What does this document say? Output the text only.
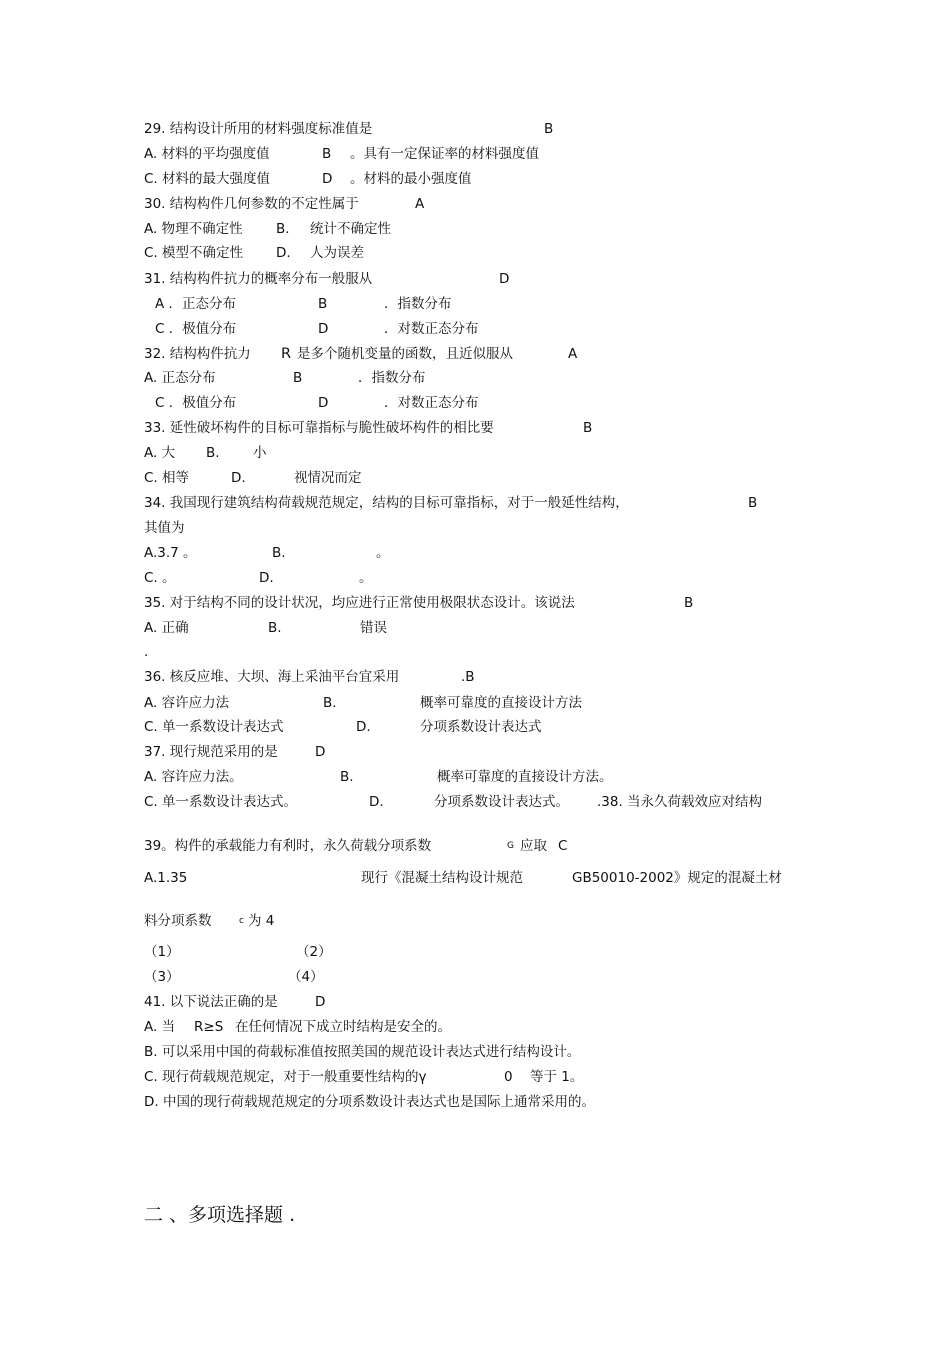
29. 结构设计所用的材料强度标准值是	B
A. 材料的平均强度值	B 。具有一定保证率的材料强度值
C. 材料的最大强度值	D 。材料的最小强度值
30. 结构构件几何参数的不定性属于	A
A. 物理不确定性 B. 统计不确定性
C. 模型不确定性 D. 人为误差
31. 结构构件抗力的概率分布一般服从	D
A ．正态分布	B	．指数分布
C ．极值分布	D	．对数正态分布
32. 结构构件抗力 R 是多个随机变量的函数，且近似服从	A
A. 正态分布	B	．指数分布
C ．极值分布	D	．对数正态分布
33. 延性破坏构件的目标可靠指标与脆性破坏构件的相比要	B
A. 大 B. 小
C. 相等	D.	视情况而定
34. 我国现行建筑结构荷载规范规定，结构的目标可靠指标，对于一般延性结构，	B
其值为
A.3.7 。	B.	。
C. 。	D.	。
35. 对于结构不同的设计状况，均应进行正常使用极限状态设计。该说法	B
A. 正确	B.	错误
.
36. 核反应堆、大坝、海上采油平台宜采用	.B
A. 容许应力法	B.	概率可靠度的直接设计方法
C. 单一系数设计表达式	D.	分项系数设计表达式
37. 现行规范采用的是	D
A. 容许应力法。	B.	概率可靠度的直接设计方法。
C. 单一系数设计表达式。	D.	分项系数设计表达式。 .38. 当永久荷载效应对结构
39。构件的承载能力有利时，永久荷载分项系数	G 应取 C
A.1.35	现行《混凝土结构设计规范	GB50010-2002》规定的混凝土材
料分项系数	c 为 4
（1）	（2）
（3）	（4）
41. 以下说法正确的是	D
A. 当 R≥S 在任何情况下成立时结构是安全的。
B. 可以采用中国的荷载标准值按照美国的规范设计表达式进行结构设计。
C. 现行荷载规范规定，对于一般重要性结构的γ	0 等于 1。
D. 中国的现行荷载规范规定的分项系数设计表达式也是国际上通常采用的。
二 、多项选择题 .
